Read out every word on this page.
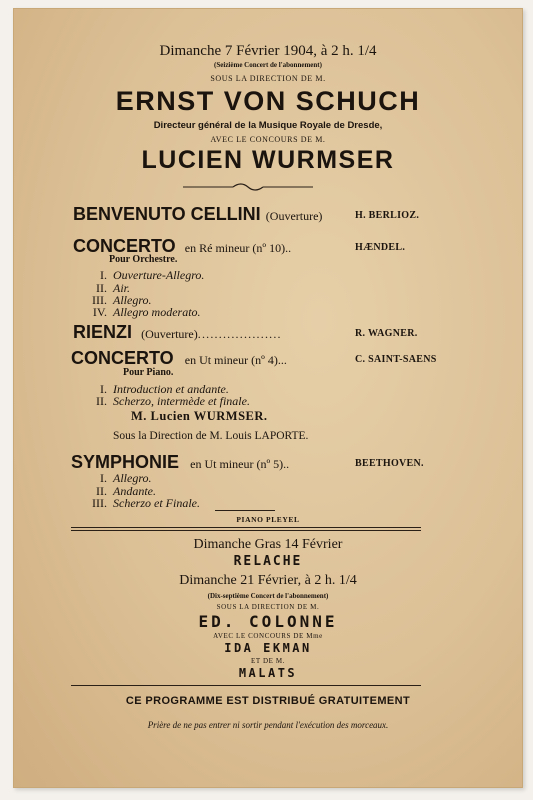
Dimanche 7 Février 1904, à 2 h. 1/4
(Seizième Concert de l'abonnement)
SOUS LA DIRECTION DE M.
ERNST VON SCHUCH
Directeur général de la Musique Royale de Dresde,
AVEC LE CONCOURS DE M.
LUCIEN WURMSER
BENVENUTO CELLINI (Ouverture)	H. BERLIOZ.
CONCERTO en Ré mineur (nº 10)..	HÆNDEL.
Pour Orchestre.
I. Ouverture-Allegro.
II. Air.
III. Allegro.
IV. Allegro moderato.
RIENZI (Ouverture)....................	R. WAGNER.
CONCERTO en Ut mineur (nº 4)...	C. SAINT-SAENS
Pour Piano.
I. Introduction et andante.
II. Scherzo, intermède et finale.
M. Lucien WURMSER.
Sous la Direction de M. Louis LAPORTE.
SYMPHONIE en Ut mineur (nº 5)..	BEETHOVEN.
I. Allegro.
II. Andante.
III. Scherzo et Finale.
PIANO PLEYEL
Dimanche Gras 14 Février
RELACHE
Dimanche 21 Février, à 2 h. 1/4
(Dix-septième Concert de l'abonnement)
SOUS LA DIRECTION DE M.
ED. COLONNE
AVEC LE CONCOURS DE Mme
IDA EKMAN
ET DE M.
MALATS
CE PROGRAMME EST DISTRIBUÉ GRATUITEMENT
Prière de ne pas entrer ni sortir pendant l'exécution des morceaux.
